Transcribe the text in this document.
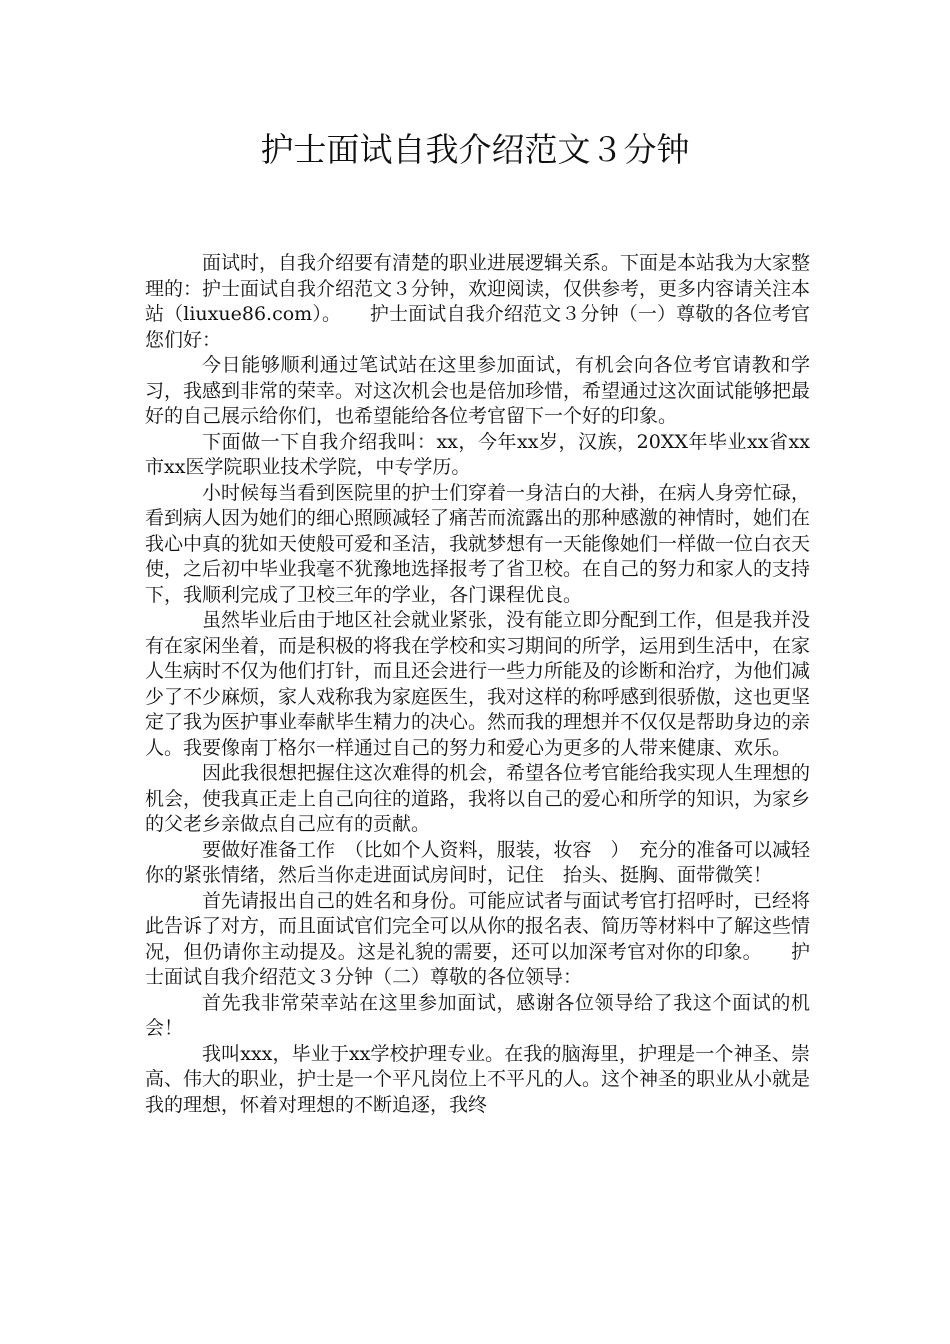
护士面试自我介绍范文３分钟

面试时，自我介绍要有清楚的职业进展逻辑关系。下面是本站我为大家整理的：护士面试自我介绍范文３分钟，欢迎阅读，仅供参考，更多内容请关注本站（liuxue86.com）。　　护士面试自我介绍范文３分钟（一）尊敬的各位考官您们好：

今日能够顺利通过笔试站在这里参加面试，有机会向各位考官请教和学习，我感到非常的荣幸。对这次机会也是倍加珍惜，希望通过这次面试能够把最好的自己展示给你们，也希望能给各位考官留下一个好的印象。

下面做一下自我介绍我叫：xx，今年xx岁，汉族，20XX年毕业xx省xx市xx医学院职业技术学院，中专学历。

小时候每当看到医院里的护士们穿着一身洁白的大褂，在病人身旁忙碌，看到病人因为她们的细心照顾减轻了痛苦而流露出的那种感激的神情时，她们在我心中真的犹如天使般可爱和圣洁，我就梦想有一天能像她们一样做一位白衣天使，之后初中毕业我毫不犹豫地选择报考了省卫校。在自己的努力和家人的支持下，我顺利完成了卫校三年的学业，各门课程优良。

虽然毕业后由于地区社会就业紧张，没有能立即分配到工作，但是我并没有在家闲坐着，而是积极的将我在学校和实习期间的所学，运用到生活中，在家人生病时不仅为他们打针，而且还会进行一些力所能及的诊断和治疗，为他们减少了不少麻烦，家人戏称我为家庭医生，我对这样的称呼感到很骄傲，这也更坚定了我为医护事业奉献毕生精力的决心。然而我的理想并不仅仅是帮助身边的亲人。我要像南丁格尔一样通过自己的努力和爱心为更多的人带来健康、欢乐。

因此我很想把握住这次难得的机会，希望各位考官能给我实现人生理想的机会，使我真正走上自己向往的道路，我将以自己的爱心和所学的知识，为家乡的父老乡亲做点自己应有的贡献。

要做好准备工作　（比如个人资料，服装，妆容　）　充分的准备可以减轻你的紧张情绪，然后当你走进面试房间时，记住　抬头、挺胸、面带微笑！

首先请报出自己的姓名和身份。可能应试者与面试考官打招呼时，已经将此告诉了对方，而且面试官们完全可以从你的报名表、简历等材料中了解这些情况，但仍请你主动提及。这是礼貌的需要，还可以加深考官对你的印象。　　护士面试自我介绍范文３分钟（二）尊敬的各位领导：

首先我非常荣幸站在这里参加面试，感谢各位领导给了我这个面试的机会！

我叫xxx，毕业于xx学校护理专业。在我的脑海里，护理是一个神圣、崇高、伟大的职业，护士是一个平凡岗位上不平凡的人。这个神圣的职业从小就是我的理想，怀着对理想的不断追逐，我终
